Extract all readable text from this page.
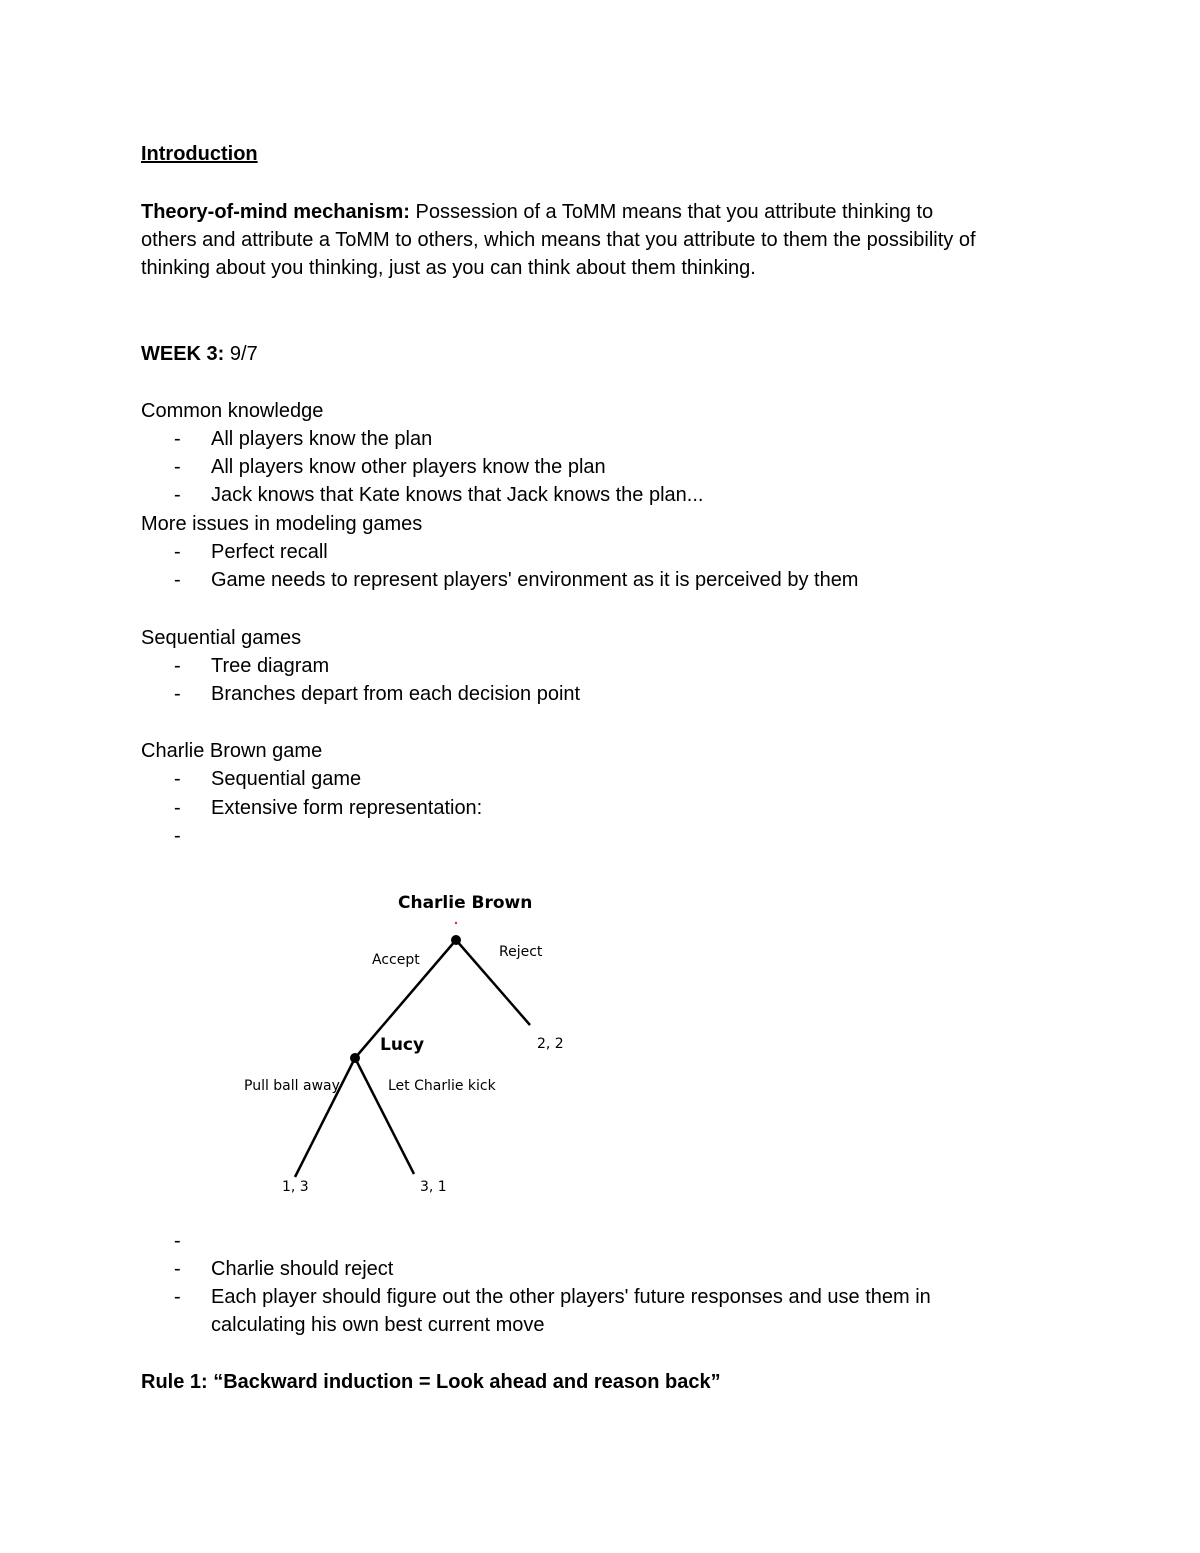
Introduction
Theory-of-mind mechanism: Possession of a ToMM means that you attribute thinking to
others and attribute a ToMM to others, which means that you attribute to them the possibility of
thinking about you thinking, just as you can think about them thinking.
WEEK 3: 9/7
Common knowledge
- All players know the plan
- All players know other players know the plan
- Jack knows that Kate knows that Jack knows the plan...
More issues in modeling games
- Perfect recall
- Game needs to represent players' environment as it is perceived by them
Sequential games
- Tree diagram
- Branches depart from each decision point
Charlie Brown game
- Sequential game
- Extensive form representation:
-
Charlie Brown
Accept	Reject
2, 2
Lucy
Pull ball away	Let Charlie kick
1, 3	3, 1
-
- Charlie should reject
- Each player should figure out the other players' future responses and use them in
calculating his own best current move
Rule 1: “Backward induction = Look ahead and reason back”
